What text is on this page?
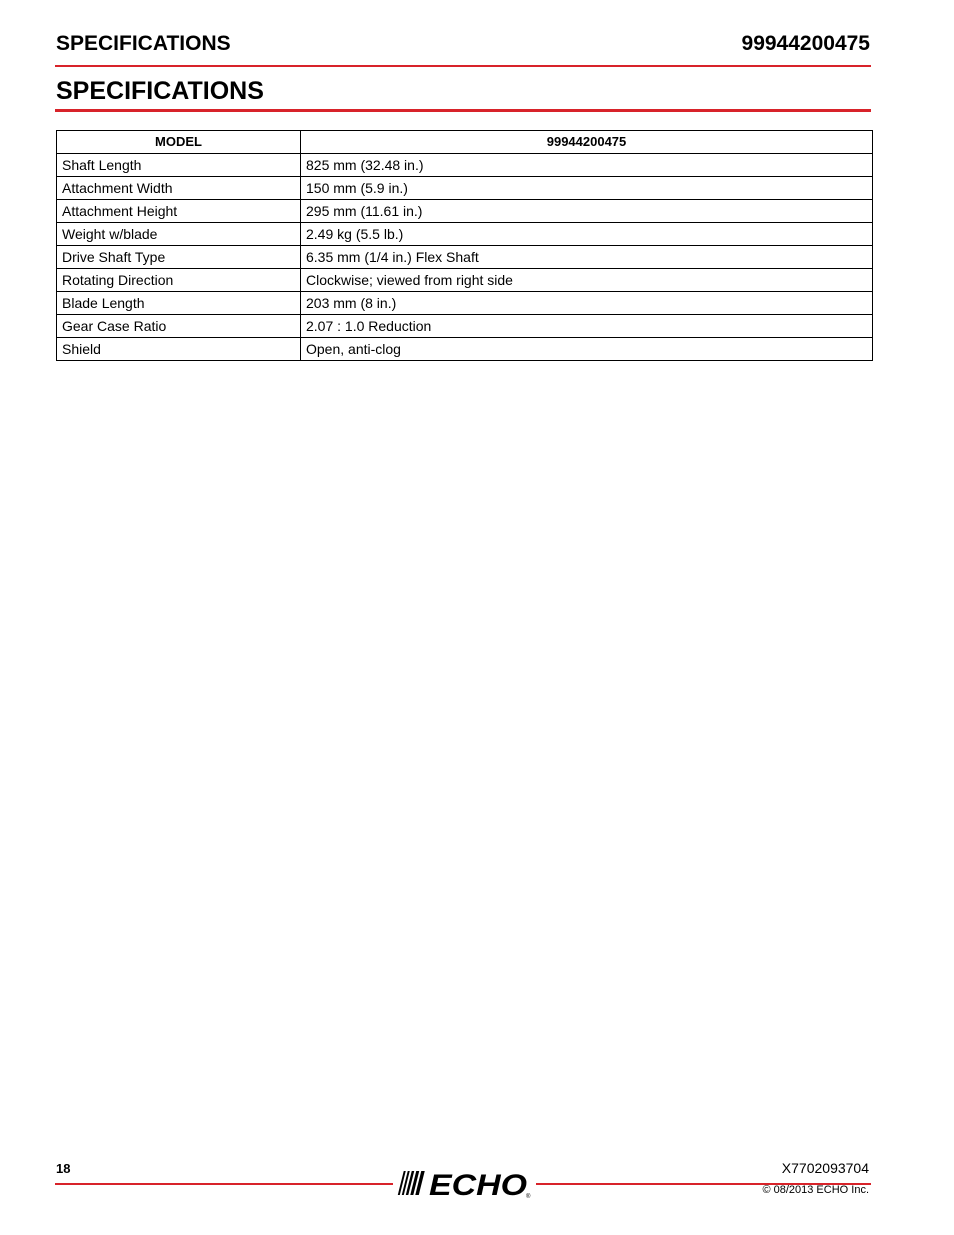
SPECIFICATIONS	99944200475
SPECIFICATIONS
MODEL	99944200475
Shaft Length	825 mm (32.48 in.)
Attachment Width	150 mm (5.9 in.)
Attachment Height	295 mm (11.61 in.)
Weight w/blade	2.49 kg (5.5 lb.)
Drive Shaft Type	6.35 mm (1/4 in.) Flex Shaft
Rotating Direction	Clockwise; viewed from right side
Blade Length	203 mm (8 in.)
Gear Case Ratio	2.07 : 1.0 Reduction
Shield	Open, anti-clog
18	X7702093704
ECHO ®
© 08/2013 ECHO Inc.
